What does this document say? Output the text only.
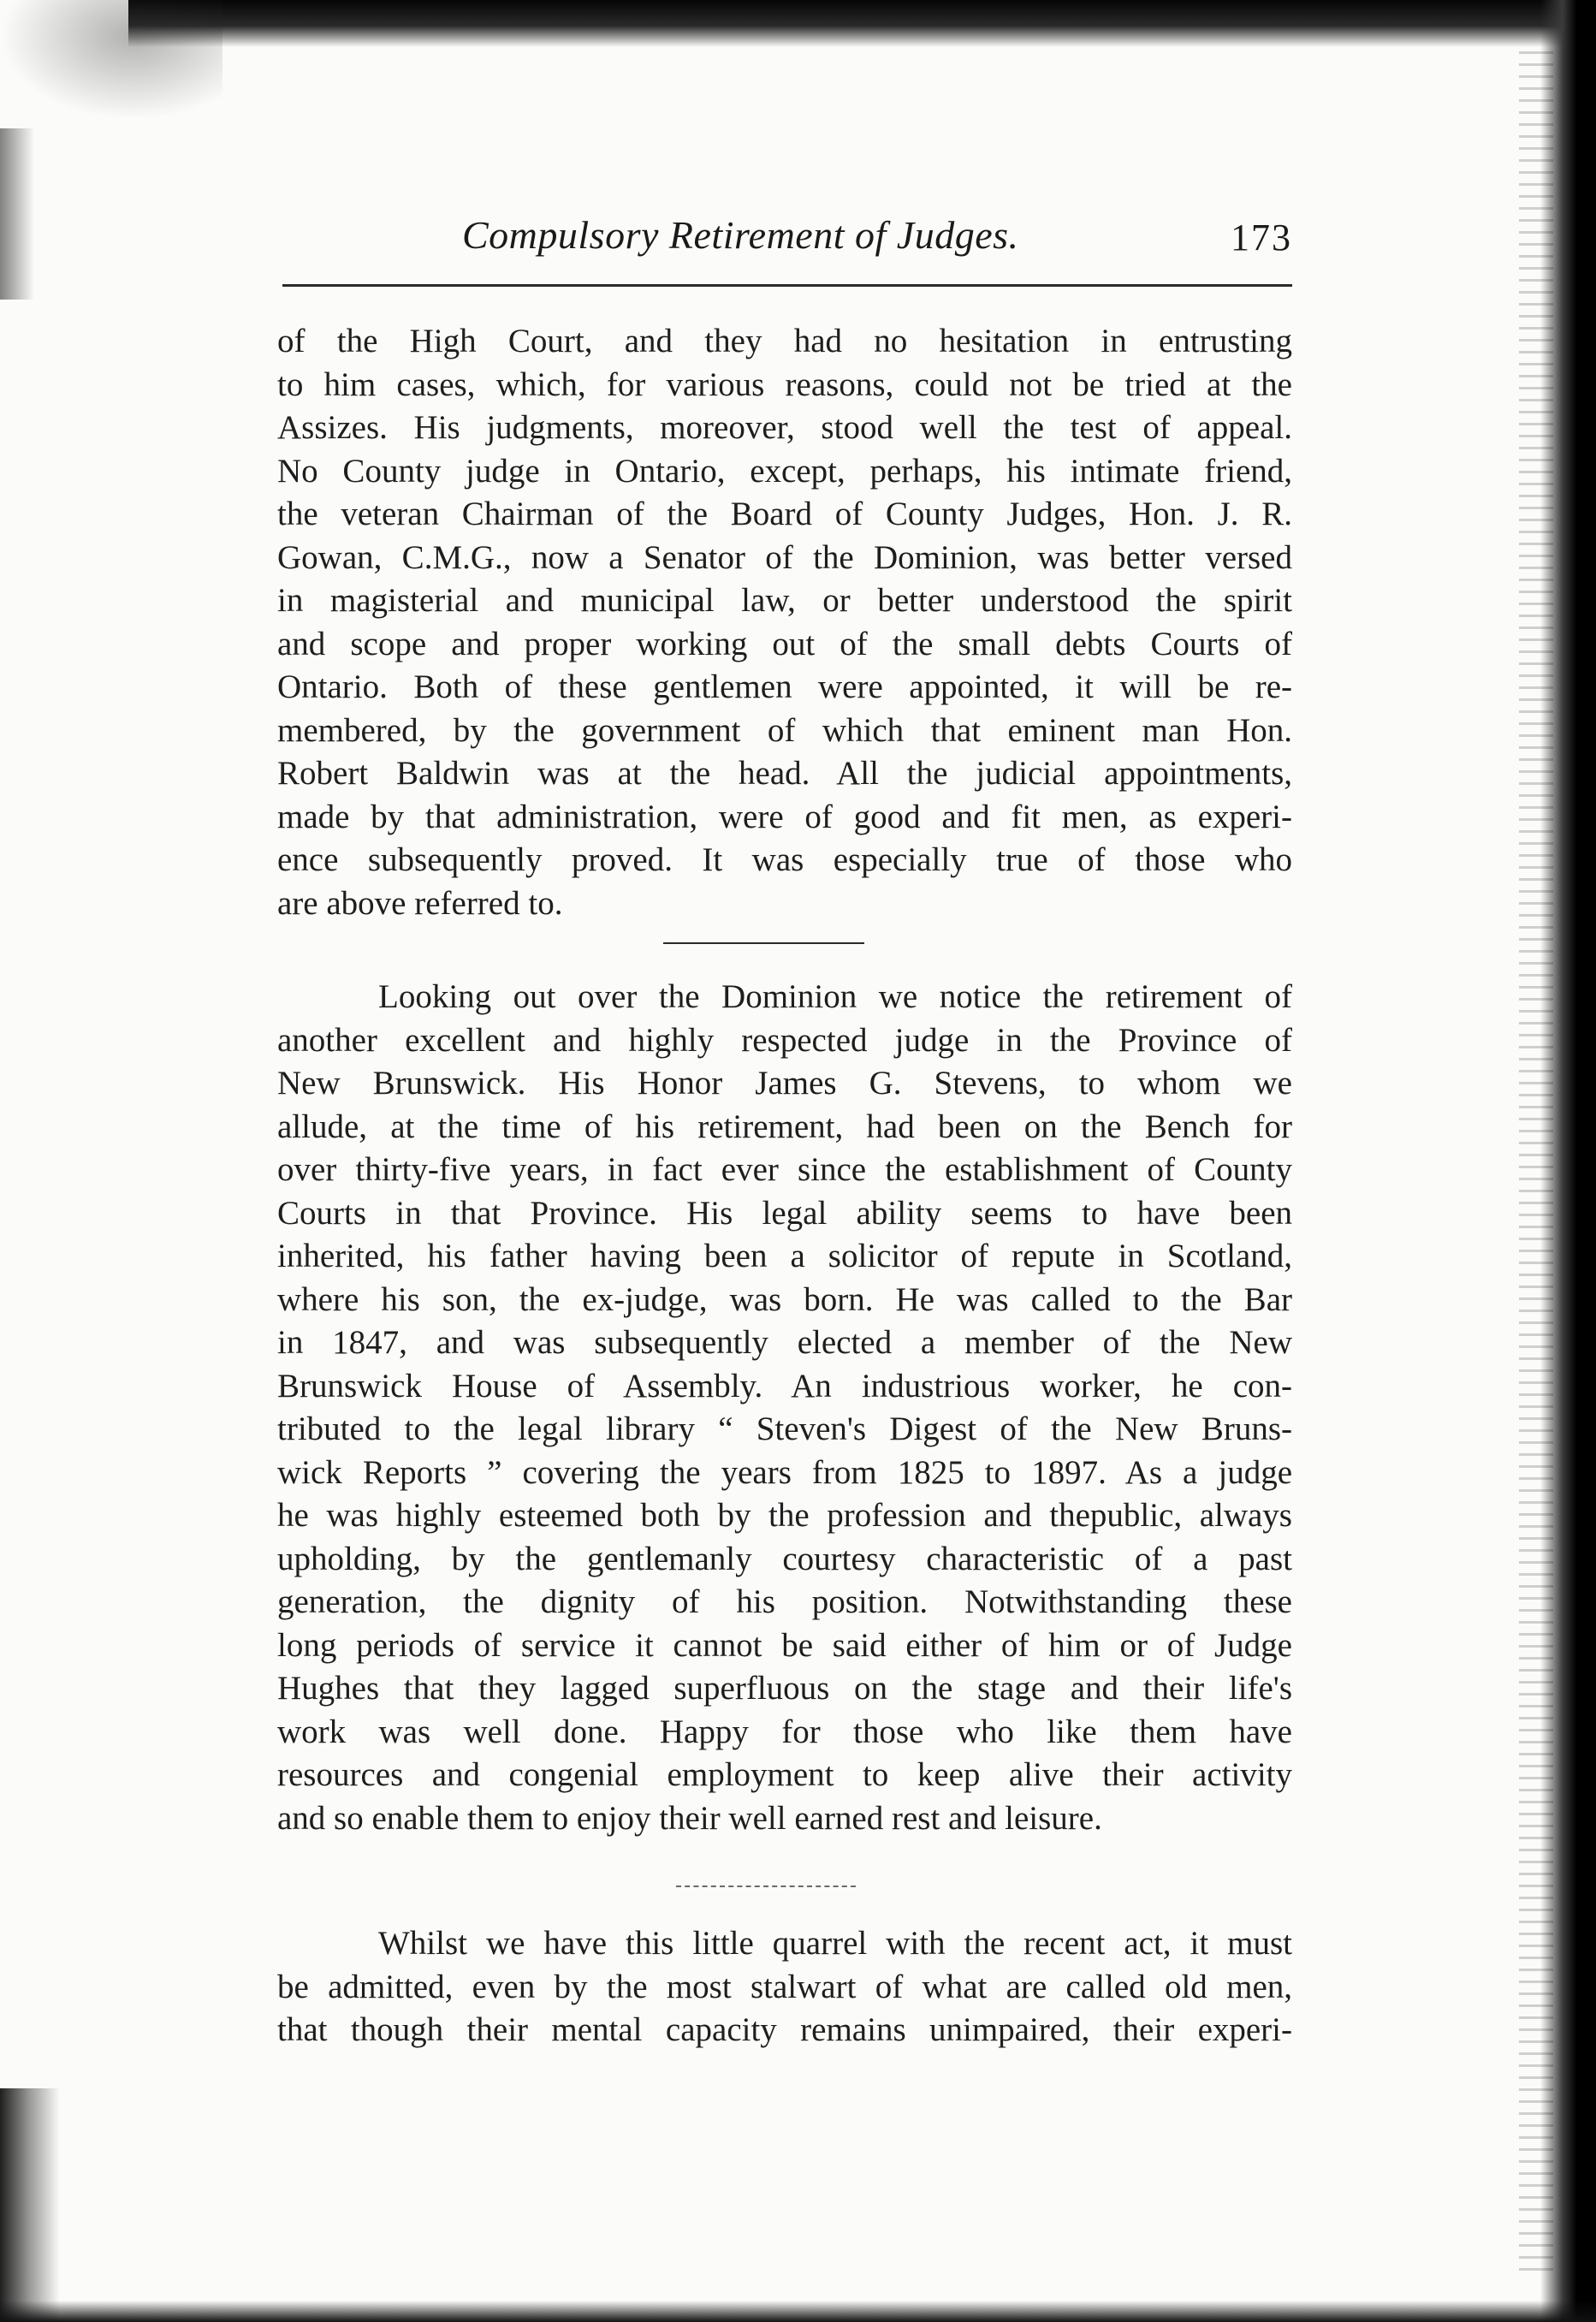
Compulsory Retirement of Judges.	173
of the High Court, and they had no hesitation in entrusting
to him cases, which, for various reasons, could not be tried at the
Assizes. His judgments, moreover, stood well the test of appeal.
No County judge in Ontario, except, perhaps, his intimate friend,
the veteran Chairman of the Board of County Judges, Hon. J. R.
Gowan, C.M.G., now a Senator of the Dominion, was better versed
in magisterial and municipal law, or better understood the spirit
and scope and proper working out of the small debts Courts of
Ontario. Both of these gentlemen were appointed, it will be re-
membered, by the government of which that eminent man Hon.
Robert Baldwin was at the head. All the judicial appointments,
made by that administration, were of good and fit men, as experi-
ence subsequently proved. It was especially true of those who
are above referred to.
Looking out over the Dominion we notice the retirement of
another excellent and highly respected judge in the Province of
New Brunswick. His Honor James G. Stevens, to whom we
allude, at the time of his retirement, had been on the Bench for
over thirty-five years, in fact ever since the establishment of County
Courts in that Province. His legal ability seems to have been
inherited, his father having been a solicitor of repute in Scotland,
where his son, the ex-judge, was born. He was called to the Bar
in 1847, and was subsequently elected a member of the New
Brunswick House of Assembly. An industrious worker, he con-
tributed to the legal library “ Steven's Digest of the New Bruns-
wick Reports ” covering the years from 1825 to 1897. As a judge
he was highly esteemed both by the profession and thepublic, always
upholding, by the gentlemanly courtesy characteristic of a past
generation, the dignity of his position. Notwithstanding these
long periods of service it cannot be said either of him or of Judge
Hughes that they lagged superfluous on the stage and their life's
work was well done. Happy for those who like them have
resources and congenial employment to keep alive their activity
and so enable them to enjoy their well earned rest and leisure.
Whilst we have this little quarrel with the recent act, it must
be admitted, even by the most stalwart of what are called old men,
that though their mental capacity remains unimpaired, their experi-
